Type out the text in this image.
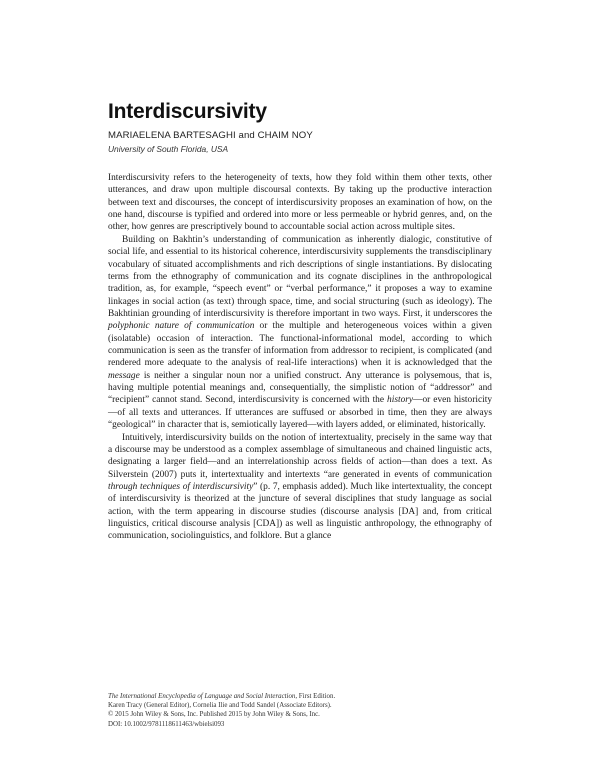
Interdiscursivity
MARIAELENA BARTESAGHI and CHAIM NOY
University of South Florida, USA

Interdiscursivity refers to the heterogeneity of texts, how they fold within them other texts, other utterances, and draw upon multiple discoursal contexts. By taking up the productive interaction between text and discourses, the concept of interdiscursivity proposes an examination of how, on the one hand, discourse is typified and ordered into more or less permeable or hybrid genres, and, on the other, how genres are prescriptively bound to accountable social action across multiple sites.

Building on Bakhtin’s understanding of communication as inherently dialogic, constitutive of social life, and essential to its historical coherence, interdiscursivity supplements the transdisciplinary vocabulary of situated accomplishments and rich descriptions of single instantiations. By dislocating terms from the ethnography of communication and its cognate disciplines in the anthropological tradition, as, for example, “speech event” or “verbal performance,” it proposes a way to examine linkages in social action (as text) through space, time, and social structuring (such as ideology). The Bakhtinian grounding of interdiscursivity is therefore important in two ways. First, it underscores the polyphonic nature of communication or the multiple and heterogeneous voices within a given (isolatable) occasion of interaction. The functional-informational model, according to which communication is seen as the transfer of information from addressor to recipient, is complicated (and rendered more adequate to the analysis of real-life interactions) when it is acknowledged that the message is neither a singular noun nor a unified construct. Any utterance is polysemous, that is, having multiple potential meanings and, consequentially, the simplistic notion of “addressor” and “recipient” cannot stand. Second, interdiscursivity is concerned with the history—or even historicity—of all texts and utterances. If utterances are suffused or absorbed in time, then they are always “geological” in character that is, semiotically layered—with layers added, or eliminated, historically.

Intuitively, interdiscursivity builds on the notion of intertextuality, precisely in the same way that a discourse may be understood as a complex assemblage of simultaneous and chained linguistic acts, designating a larger field—and an interrelationship across fields of action—than does a text. As Silverstein (2007) puts it, intertextuality and intertexts “are generated in events of communication through techniques of interdiscursivity” (p. 7, emphasis added). Much like intertextuality, the concept of interdiscursivity is theorized at the juncture of several disciplines that study language as social action, with the term appearing in discourse studies (discourse analysis [DA] and, from critical linguistics, critical discourse analysis [CDA]) as well as linguistic anthropology, the ethnography of communication, sociolinguistics, and folklore. But a glance

The International Encyclopedia of Language and Social Interaction, First Edition.
Karen Tracy (General Editor), Cornelia Ilie and Todd Sandel (Associate Editors).
© 2015 John Wiley & Sons, Inc. Published 2015 by John Wiley & Sons, Inc.
DOI: 10.1002/9781118611463/wbielsi093
